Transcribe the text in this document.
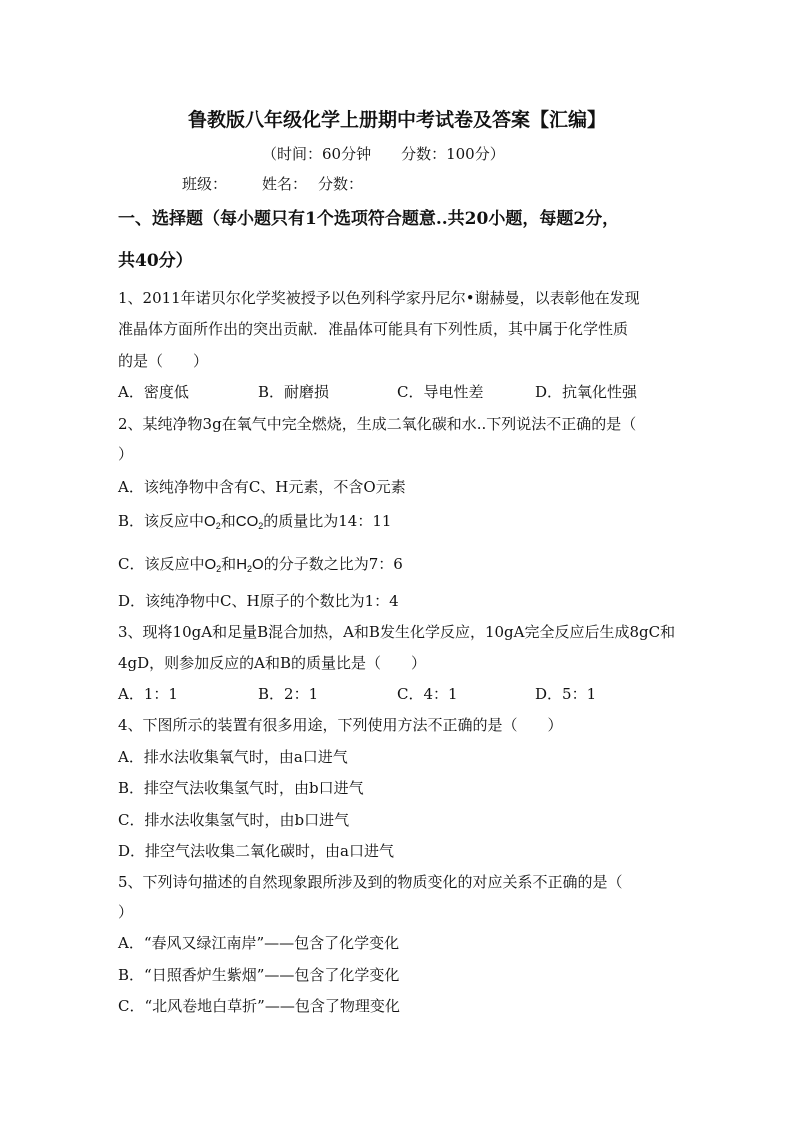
鲁教版八年级化学上册期中考试卷及答案【汇编】
（时间：60分钟　　分数：100分）
班级： 姓名： 分数：
一、选择题（每小题只有1个选项符合题意..共20小题，每题2分，
共40分）
1、2011年诺贝尔化学奖被授予以色列科学家丹尼尔•谢赫曼，以表彰他在发现
准晶体方面所作出的突出贡献．准晶体可能具有下列性质，其中属于化学性质
的是（　　）
A．密度低	B．耐磨损	C．导电性差	D．抗氧化性强
2、某纯净物3g在氧气中完全燃烧，生成二氧化碳和水..下列说法不正确的是（
）
A．该纯净物中含有C、H元素，不含O元素
B．该反应中$O_2$和$CO_2$的质量比为14：11
C．该反应中$O_2$和$H_2O$的分子数之比为7：6
D．该纯净物中C、H原子的个数比为1：4
3、现将10gA和足量B混合加热，A和B发生化学反应，10gA完全反应后生成8gC和
4gD，则参加反应的A和B的质量比是（　　）
A．1：1	B．2：1	C．4：1	D．5：1
4、下图所示的装置有很多用途，下列使用方法不正确的是（　　）
A．排水法收集氧气时，由a口进气
B．排空气法收集氢气时，由b口进气
C．排水法收集氢气时，由b口进气
D．排空气法收集二氧化碳时，由a口进气
5、下列诗句描述的自然现象跟所涉及到的物质变化的对应关系不正确的是（
）
A．“春风又绿江南岸”——包含了化学变化
B．“日照香炉生紫烟”——包含了化学变化
C．“北风卷地白草折”——包含了物理变化
